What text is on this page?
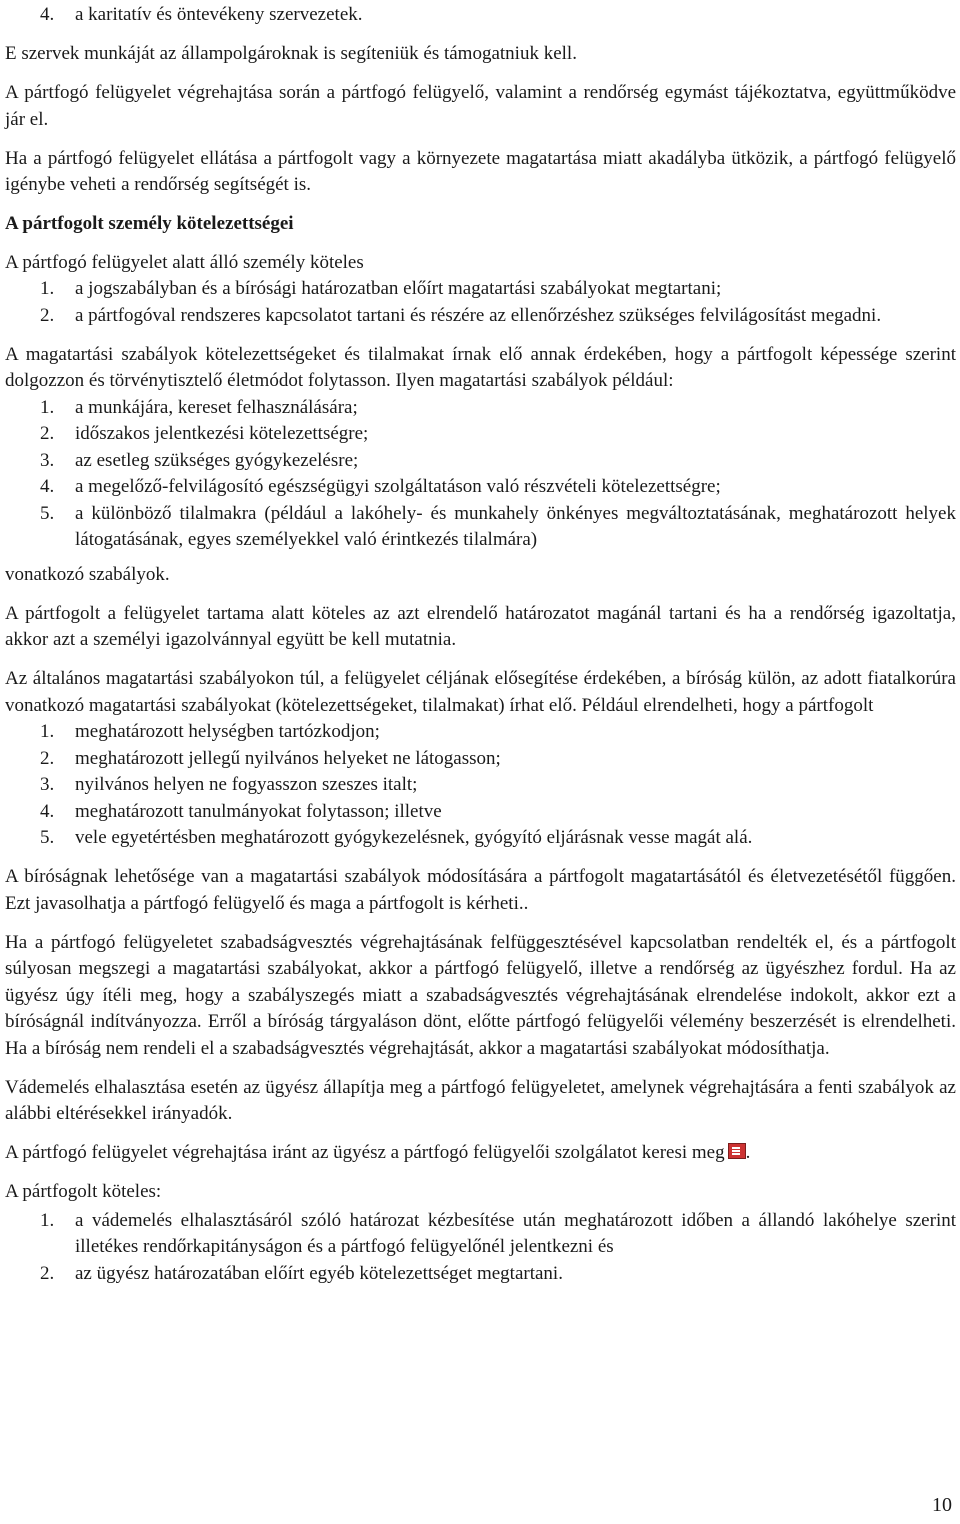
4.	a karitatív és öntevékeny szervezetek.

E szervek munkáját az állampolgároknak is segíteniük és támogatniuk kell.

A pártfogó felügyelet végrehajtása során a pártfogó felügyelő, valamint a rendőrség egymást tájékoztatva, együttműködve jár el.

Ha a pártfogó felügyelet ellátása a pártfogolt vagy a környezete magatartása miatt akadályba ütközik, a pártfogó felügyelő igénybe veheti a rendőrség segítségét is.

A pártfogolt személy kötelezettségei

A pártfogó felügyelet alatt álló személy köteles

1.	a jogszabályban és a bírósági határozatban előírt magatartási szabályokat megtartani;
2.	a pártfogóval rendszeres kapcsolatot tartani és részére az ellenőrzéshez szükséges felvilágosítást megadni.

A magatartási szabályok kötelezettségeket és tilalmakat írnak elő annak érdekében, hogy a pártfogolt képessége szerint dolgozzon és törvénytisztelő életmódot folytasson. Ilyen magatartási szabályok például:

1.	a munkájára, kereset felhasználására;
2.	időszakos jelentkezési kötelezettségre;
3.	az esetleg szükséges gyógykezelésre;
4.	a megelőző-felvilágosító egészségügyi szolgáltatáson való részvételi kötelezettségre;
5.	a különböző tilalmakra (például a lakóhely- és munkahely önkényes megváltoztatásának, meghatározott helyek látogatásának, egyes személyekkel való érintkezés tilalmára)

vonatkozó szabályok.

A pártfogolt a felügyelet tartama alatt köteles az azt elrendelő határozatot magánál tartani és ha a rendőrség igazoltatja, akkor azt a személyi igazolvánnyal együtt be kell mutatnia.

Az általános magatartási szabályokon túl, a felügyelet céljának elősegítése érdekében, a bíróság külön, az adott fiatalkorúra vonatkozó magatartási szabályokat (kötelezettségeket, tilalmakat) írhat elő. Például elrendelheti, hogy a pártfogolt

1.	meghatározott helységben tartózkodjon;
2.	meghatározott jellegű nyilvános helyeket ne látogasson;
3.	nyilvános helyen ne fogyasszon szeszes italt;
4.	meghatározott tanulmányokat folytasson; illetve
5.	vele egyetértésben meghatározott gyógykezelésnek, gyógyító eljárásnak vesse magát alá.

A bíróságnak lehetősége van a magatartási szabályok módosítására a pártfogolt magatartásától és életvezetésétől függően. Ezt javasolhatja a pártfogó felügyelő és maga a pártfogolt is kérheti..

Ha a pártfogó felügyeletet szabadságvesztés végrehajtásának felfüggesztésével kapcsolatban rendelték el, és a pártfogolt súlyosan megszegi a magatartási szabályokat, akkor a pártfogó felügyelő, illetve a rendőrség az ügyészhez fordul. Ha az ügyész úgy ítéli meg, hogy a szabályszegés miatt a szabadságvesztés végrehajtásának elrendelése indokolt, akkor ezt a bíróságnál indítványozza. Erről a bíróság tárgyaláson dönt, előtte pártfogó felügyelői vélemény beszerzését is elrendelheti. Ha a bíróság nem rendeli el a szabadságvesztés végrehajtását, akkor a magatartási szabályokat módosíthatja.

Vádemelés elhalasztása esetén az ügyész állapítja meg a pártfogó felügyeletet, amelynek végrehajtására a fenti szabályok az alábbi eltérésekkel irányadók.

A pártfogó felügyelet végrehajtása iránt az ügyész a pártfogó felügyelői szolgálatot keresi meg .

A pártfogolt köteles:

1.	a vádemelés elhalasztásáról szóló határozat kézbesítése után meghatározott időben a állandó lakóhelye szerint illetékes rendőrkapitányságon és a pártfogó felügyelőnél jelentkezni és
2.	az ügyész határozatában előírt egyéb kötelezettséget megtartani.
10
